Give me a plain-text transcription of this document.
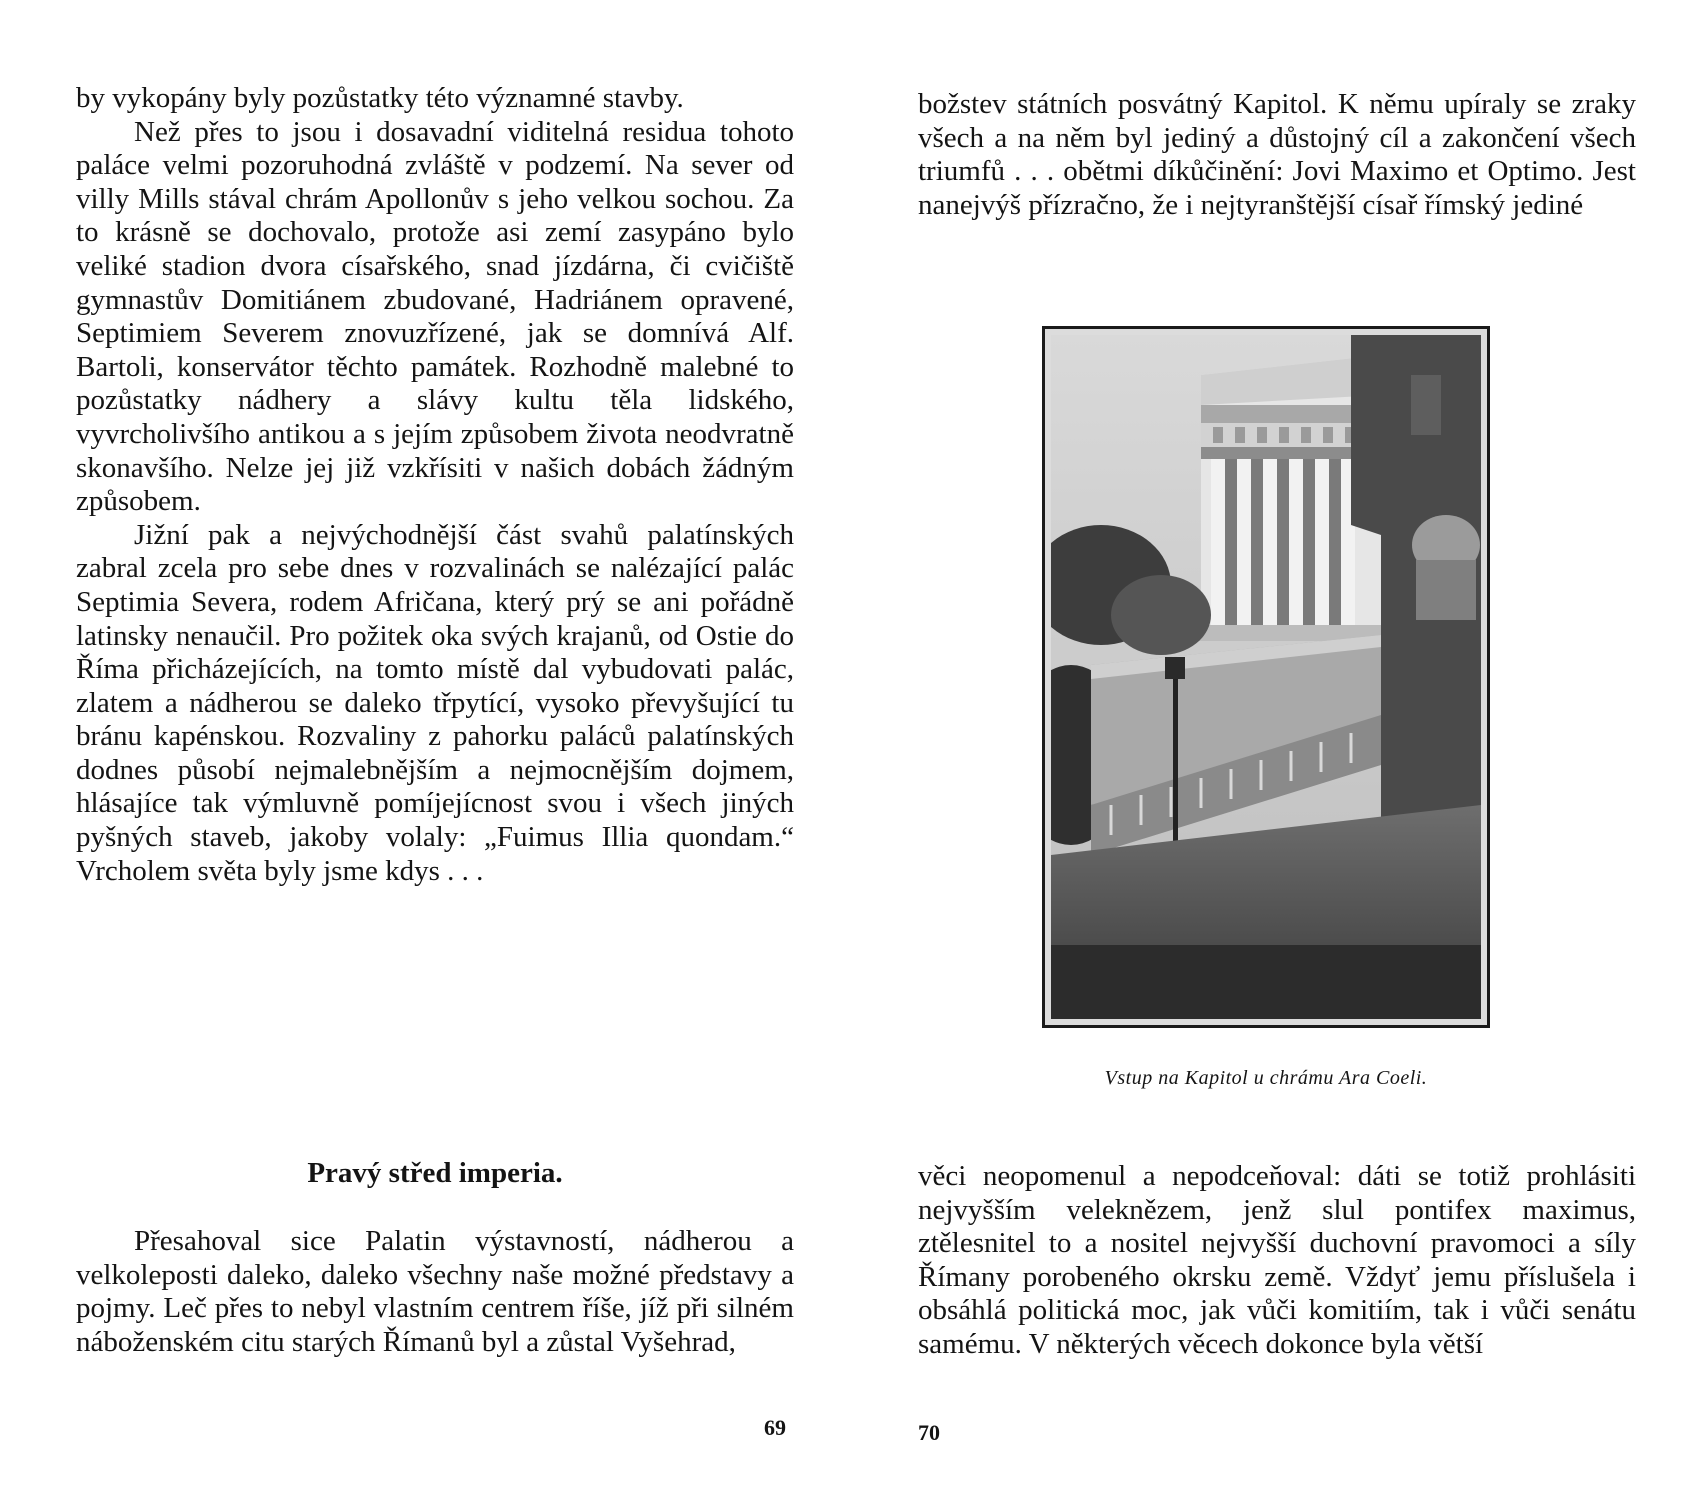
by vykopány byly pozůstatky této významné stavby.

Než přes to jsou i dosavadní viditelná residua tohoto paláce velmi pozoruhodná zvláště v podzemí. Na sever od villy Mills stával chrám Apollonův s jeho velkou sochou. Za to krásně se dochovalo, protože asi zemí zasypáno bylo veliké stadion dvora císařského, snad jízdárna, či cvičiště gymnastův Domitiánem zbudované, Hadriánem opravené, Septimiem Severem znovuzřízené, jak se domnívá Alf. Bartoli, konservátor těchto památek. Rozhodně malebné to pozůstatky nádhery a slávy kultu těla lidského, vyvrcholivšího antikou a s jejím způsobem života neodvratně skonavšího. Nelze jej již vzkřísiti v našich dobách žádným způsobem.

Jižní pak a nejvýchodnější část svahů palatínských zabral zcela pro sebe dnes v rozvalinách se nalézající palác Septimia Severa, rodem Afričana, který prý se ani pořádně latinsky nenaučil. Pro požitek oka svých krajanů, od Ostie do Říma přicházejících, na tomto místě dal vybudovati palác, zlatem a nádherou se daleko třpytící, vysoko převyšující tu bránu kapénskou. Rozvaliny z pahorku paláců palatínských dodnes působí nejmalebnějším a nejmocnějším dojmem, hlásajíce tak výmluvně pomíjejícnost svou i všech jiných pyšných staveb, jakoby volaly: „Fuimus Illia quondam.“ Vrcholem světa byly jsme kdys . . .

Pravý střed imperia.

Přesahoval sice Palatin výstavností, nádherou a velkoleposti daleko, daleko všechny naše možné představy a pojmy. Leč přes to nebyl vlastním centrem říše, jíž při silném náboženském citu starých Římanů byl a zůstal Vyšehrad,

69

božstev státních posvátný Kapitol. K němu upíraly se zraky všech a na něm byl jediný a důstojný cíl a zakončení všech triumfů . . . obětmi díkůčinění: Jovi Maximo et Optimo. Jest nanejvýš přízračno, že i nejtyranštější císař římský jediné

Vstup na Kapitol u chrámu Ara Coeli.

věci neopomenul a nepodceňoval: dáti se totiž prohlásiti nejvyšším veleknězem, jenž slul pontifex maximus, ztělesnitel to a nositel nejvyšší duchovní pravomoci a síly Římany porobeného okrsku země. Vždyť jemu příslušela i obsáhlá politická moc, jak vůči komitiím, tak i vůči senátu samému. V některých věcech dokonce byla větší

70
